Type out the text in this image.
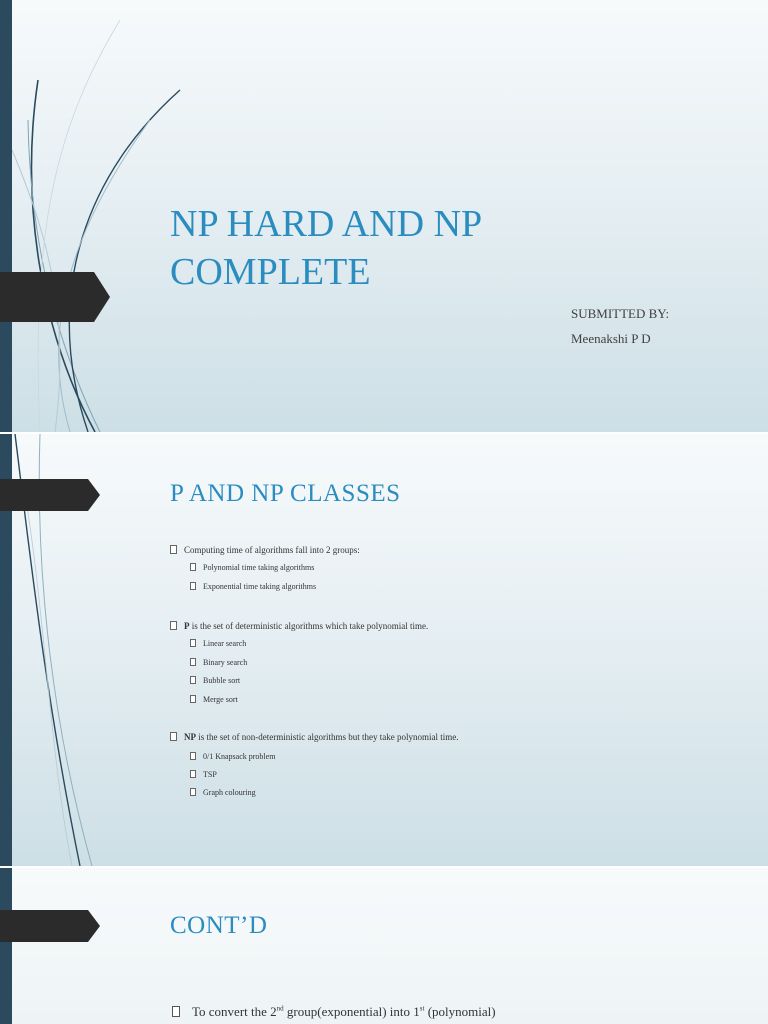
NP HARD AND NP COMPLETE
SUBMITTED BY:
Meenakshi P D
P AND NP CLASSES
Computing time of algorithms fall into 2 groups:
Polynomial time taking algorithms
Exponential time taking algorithms
P is the set of deterministic algorithms which take polynomial time.
Linear search
Binary search
Bubble sort
Merge sort
NP is the set of non-deterministic algorithms but they take polynomial time.
0/1 Knapsack problem
TSP
Graph colouring
CONT’D
To convert the 2nd group(exponential) into 1st (polynomial)
